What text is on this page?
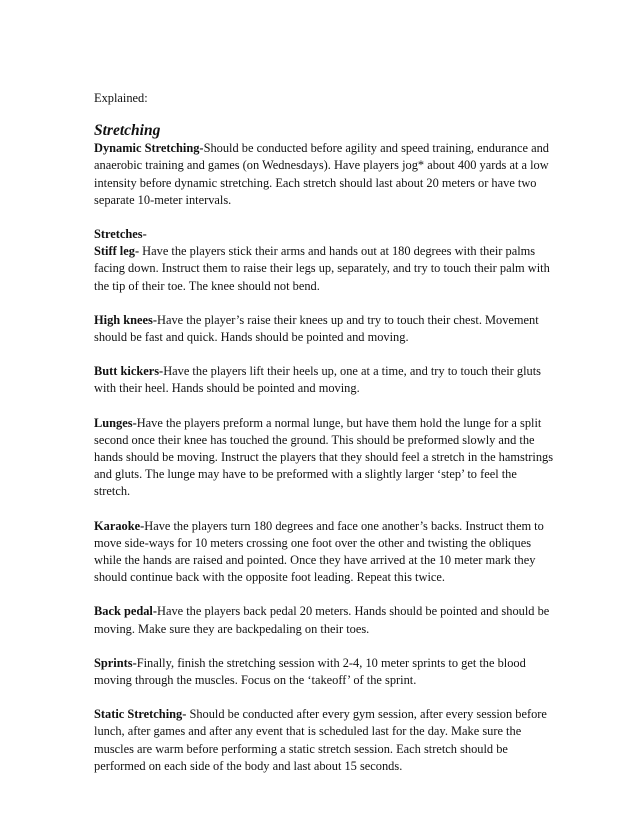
Explained:

Stretching

Dynamic Stretching-Should be conducted before agility and speed training, endurance and anaerobic training and games (on Wednesdays). Have players jog* about 400 yards at a low intensity before dynamic stretching. Each stretch should last about 20 meters or have two separate 10-meter intervals.

Stretches-

Stiff leg- Have the players stick their arms and hands out at 180 degrees with their palms facing down. Instruct them to raise their legs up, separately, and try to touch their palm with the tip of their toe. The knee should not bend.

High knees-Have the player’s raise their knees up and try to touch their chest. Movement should be fast and quick. Hands should be pointed and moving.

Butt kickers-Have the players lift their heels up, one at a time, and try to touch their gluts with their heel. Hands should be pointed and moving.

Lunges-Have the players preform a normal lunge, but have them hold the lunge for a split second once their knee has touched the ground. This should be preformed slowly and the hands should be moving. Instruct the players that they should feel a stretch in the hamstrings and gluts. The lunge may have to be preformed with a slightly larger ‘step’ to feel the stretch.

Karaoke-Have the players turn 180 degrees and face one another’s backs. Instruct them to move side-ways for 10 meters crossing one foot over the other and twisting the obliques while the hands are raised and pointed. Once they have arrived at the 10 meter mark they should continue back with the opposite foot leading. Repeat this twice.

Back pedal-Have the players back pedal 20 meters. Hands should be pointed and should be moving. Make sure they are backpedaling on their toes.

Sprints-Finally, finish the stretching session with 2-4, 10 meter sprints to get the blood moving through the muscles. Focus on the ‘takeoff’ of the sprint.

Static Stretching- Should be conducted after every gym session, after every session before lunch, after games and after any event that is scheduled last for the day. Make sure the muscles are warm before performing a static stretch session. Each stretch should be performed on each side of the body and last about 15 seconds.
